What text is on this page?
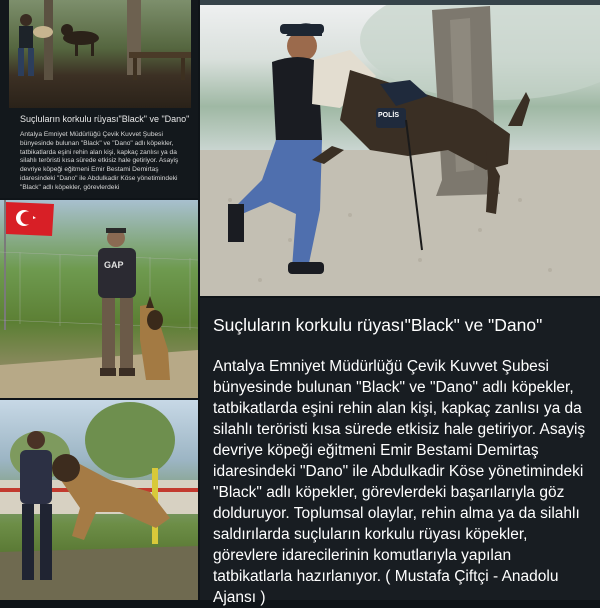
Suçluların korkulu rüyası"Black" ve "Dano"
Antalya Emniyet Müdürlüğü Çevik Kuvvet Şubesi bünyesinde bulunan "Black" ve "Dano" adlı köpekler, tatbikatlarda eşini rehin alan kişi, kapkaç zanlısı ya da silahlı teröristi kısa sürede etkisiz hale getiriyor. Asayiş devriye köpeği eğitmeni Emir Bestami Demirtaş idaresindeki "Dano" ile Abdulkadir Köse yönetimindeki "Black" adlı köpekler, görevlerdeki
GAP
POLİS
Suçluların korkulu rüyası"Black" ve "Dano"
Antalya Emniyet Müdürlüğü Çevik Kuvvet Şubesi bünyesinde bulunan "Black" ve "Dano" adlı köpekler, tatbikatlarda eşini rehin alan kişi, kapkaç zanlısı ya da silahlı teröristi kısa sürede etkisiz hale getiriyor. Asayiş devriye köpeği eğitmeni Emir Bestami Demirtaş idaresindeki "Dano" ile Abdulkadir Köse yönetimindeki "Black" adlı köpekler, görevlerdeki başarılarıyla göz dolduruyor. Toplumsal olaylar, rehin alma ya da silahlı saldırılarda suçluların korkulu rüyası köpekler, görevlere idarecilerinin komutlarıyla yapılan tatbikatlarla hazırlanıyor. ( Mustafa Çiftçi - Anadolu Ajansı )
